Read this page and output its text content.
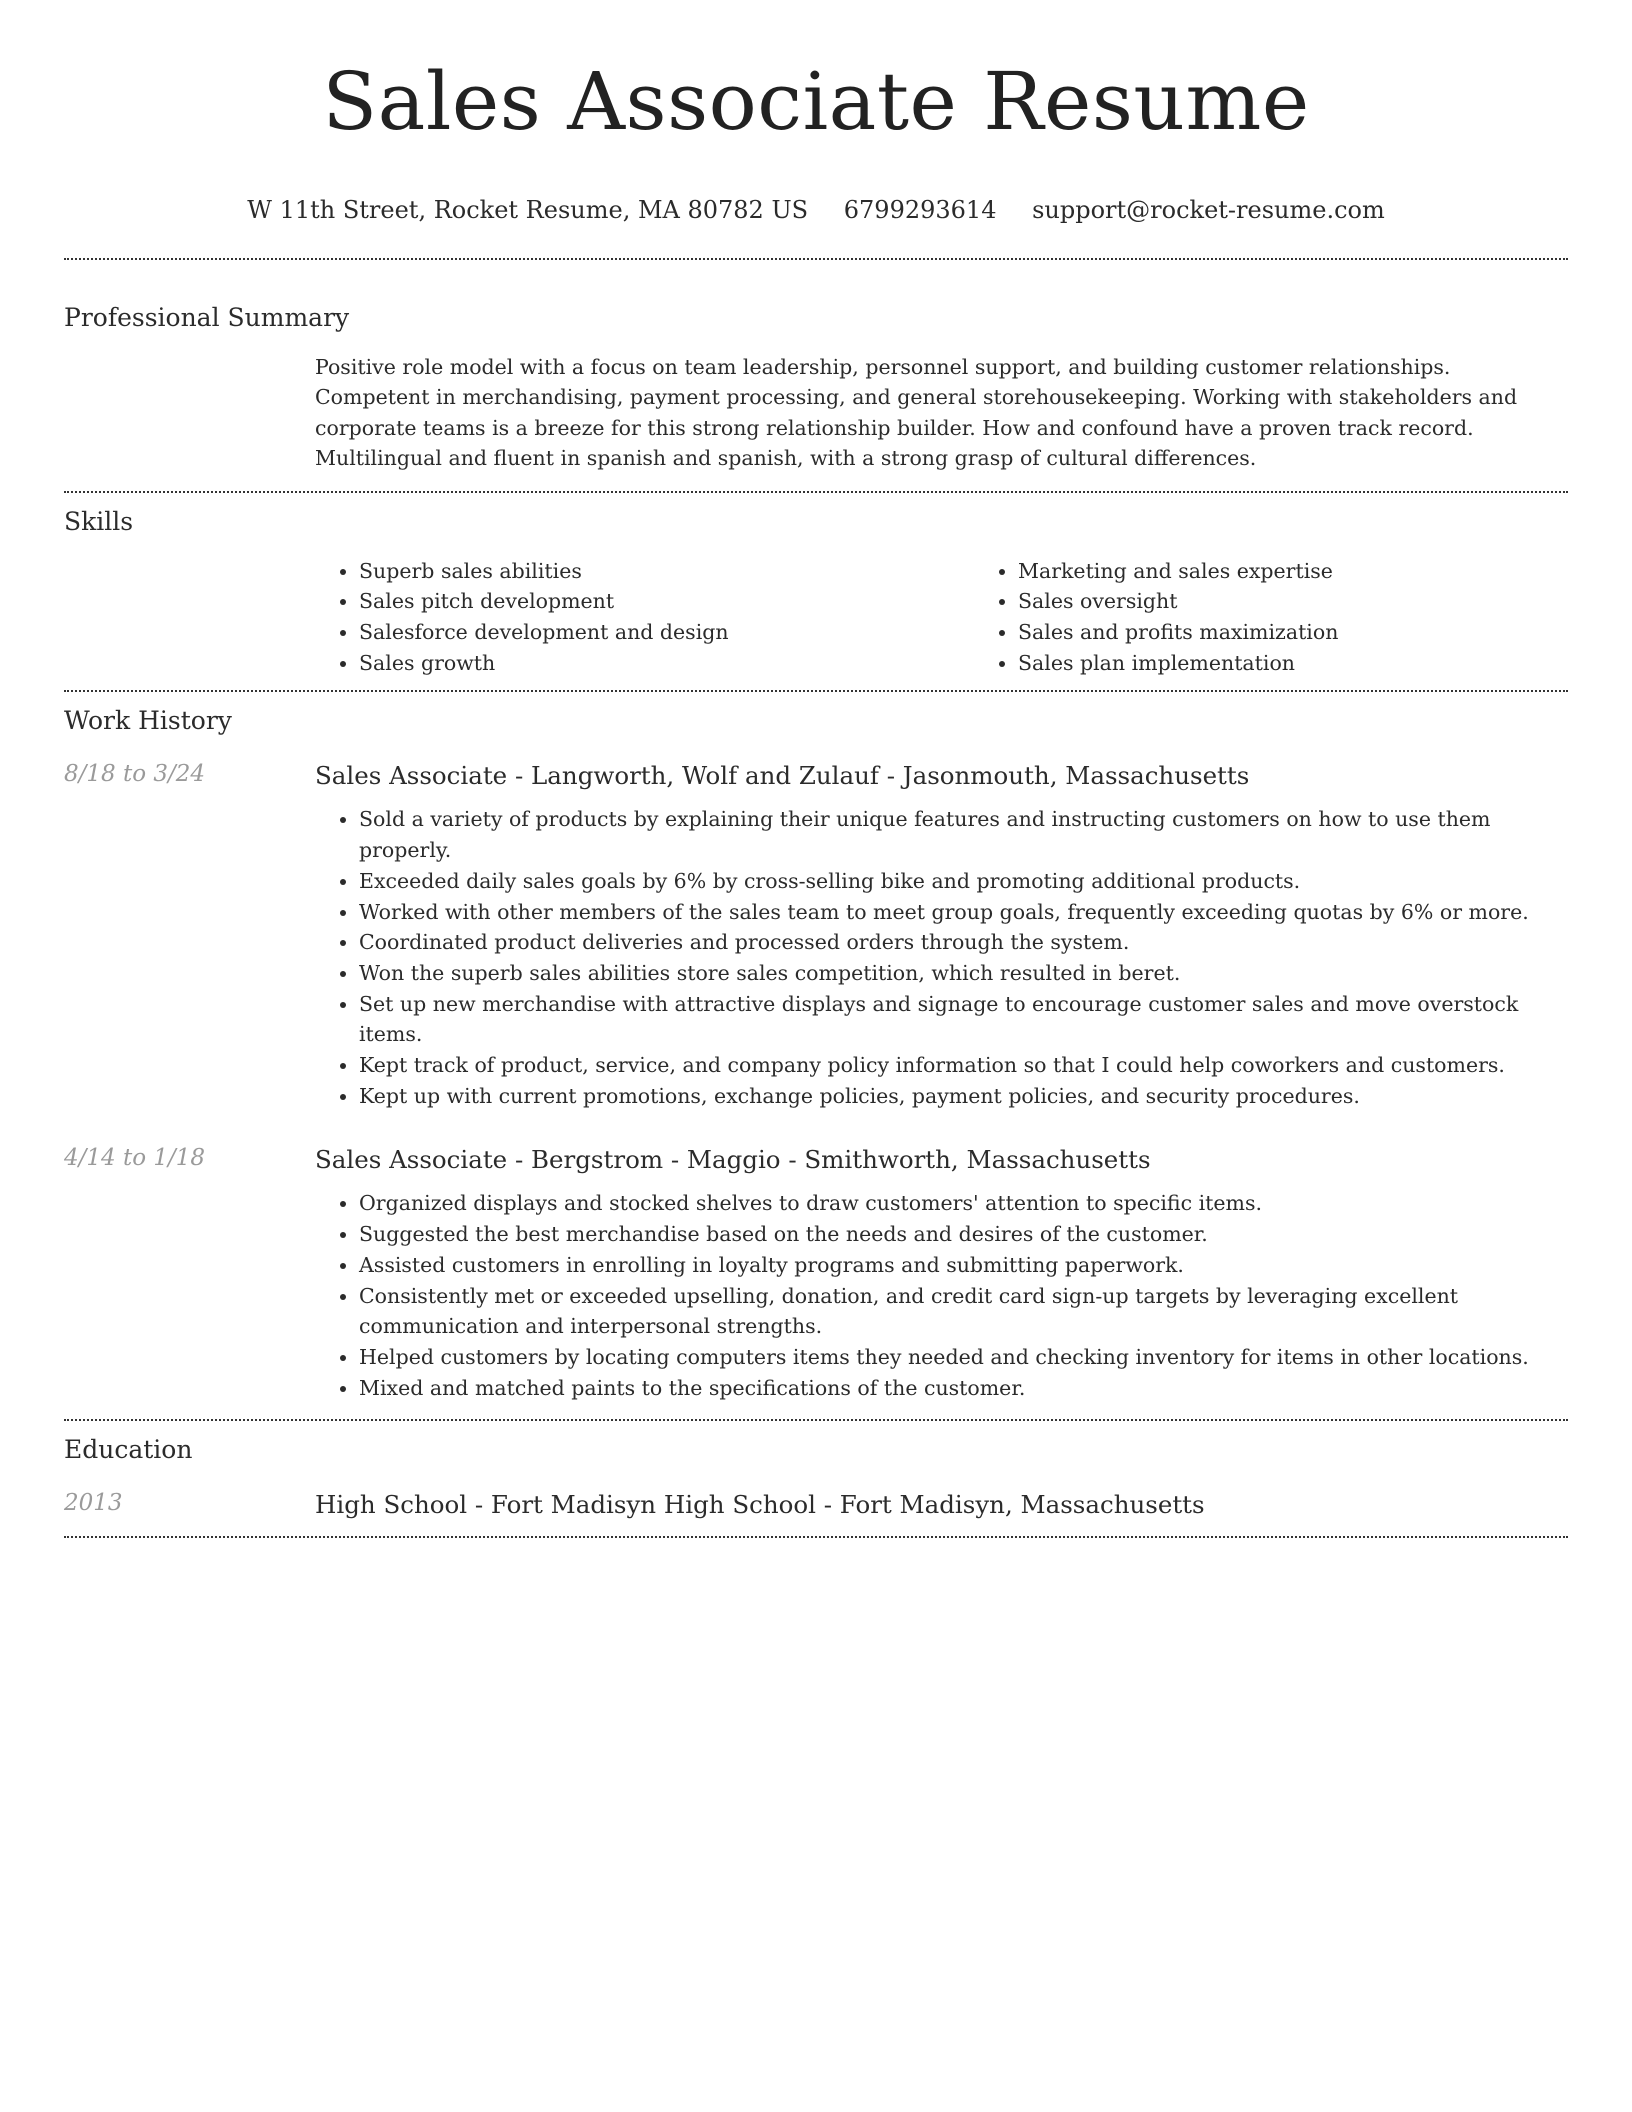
Sales Associate Resume
W 11th Street, Rocket Resume, MA 80782 US 6799293614 support@rocket-resume.com
Professional Summary
Positive role model with a focus on team leadership, personnel support, and building customer relationships. Competent in merchandising, payment processing, and general storehousekeeping. Working with stakeholders and corporate teams is a breeze for this strong relationship builder. How and confound have a proven track record. Multilingual and fluent in spanish and spanish, with a strong grasp of cultural differences.
Skills
• Superb sales abilities
• Sales pitch development
• Salesforce development and design
• Sales growth
• Marketing and sales expertise
• Sales oversight
• Sales and profits maximization
• Sales plan implementation
Work History
8/18 to 3/24	Sales Associate - Langworth, Wolf and Zulauf - Jasonmouth, Massachusetts
• Sold a variety of products by explaining their unique features and instructing customers on how to use them properly.
• Exceeded daily sales goals by 6% by cross-selling bike and promoting additional products.
• Worked with other members of the sales team to meet group goals, frequently exceeding quotas by 6% or more.
• Coordinated product deliveries and processed orders through the system.
• Won the superb sales abilities store sales competition, which resulted in beret.
• Set up new merchandise with attractive displays and signage to encourage customer sales and move overstock items.
• Kept track of product, service, and company policy information so that I could help coworkers and customers.
• Kept up with current promotions, exchange policies, payment policies, and security procedures.
4/14 to 1/18	Sales Associate - Bergstrom - Maggio - Smithworth, Massachusetts
• Organized displays and stocked shelves to draw customers' attention to specific items.
• Suggested the best merchandise based on the needs and desires of the customer.
• Assisted customers in enrolling in loyalty programs and submitting paperwork.
• Consistently met or exceeded upselling, donation, and credit card sign-up targets by leveraging excellent communication and interpersonal strengths.
• Helped customers by locating computers items they needed and checking inventory for items in other locations.
• Mixed and matched paints to the specifications of the customer.
Education
2013	High School - Fort Madisyn High School - Fort Madisyn, Massachusetts
